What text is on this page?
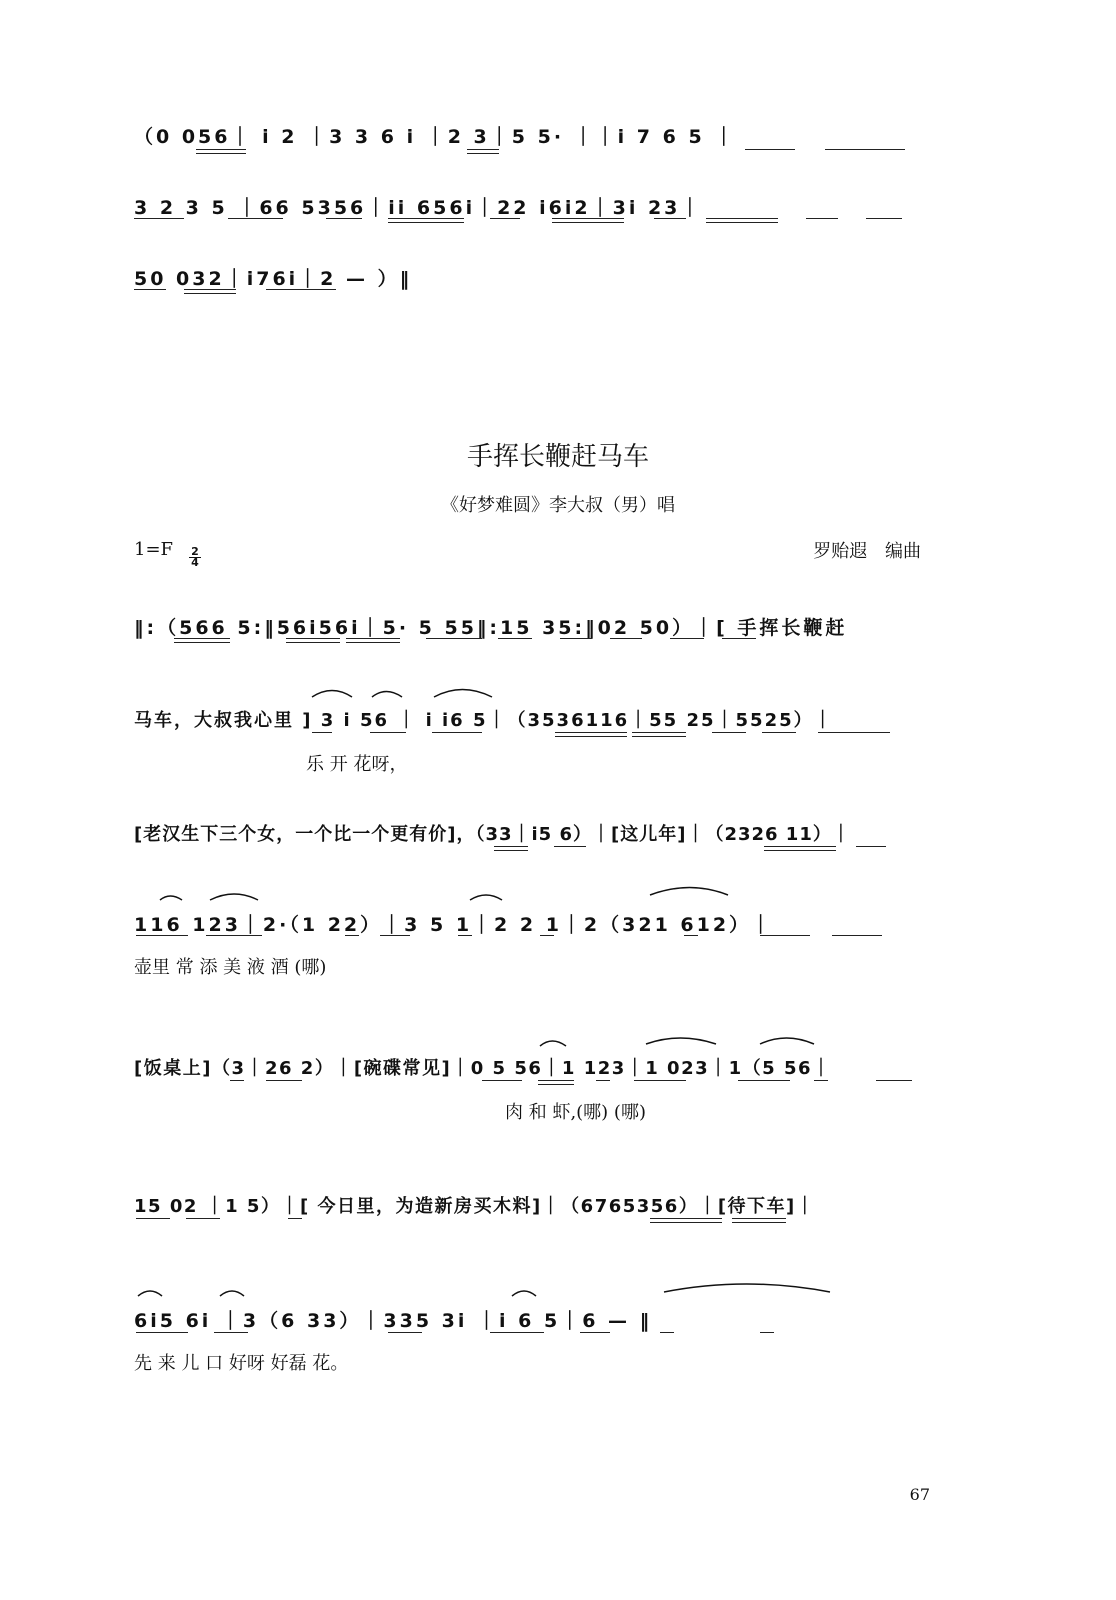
（0 056｜ i 2 ｜3 3 6 i ｜2 3｜5 5· ｜｜i 7 6 5 ｜
3 2 3 5 ｜66 5356｜ii 656i｜22 i6i2｜3i 23｜
50 032｜i76i｜2 — ）‖
手挥长鞭赶马车
《好梦难圆》李大叔（男）唱
1=F 2
4
罗贻遐 编曲
‖:（566 5:‖56i56i｜5· 5 55‖:15 35:‖02 50）｜[ 手挥长鞭赶
马车，大叔我心里 ] 3 i 56 ｜ i i6 5｜（3536116｜55 25｜5525）｜
乐 开 花呀，
[老汉生下三个女，一个比一个更有价]，（33｜i5 6）｜[这儿年]｜（2326 11）｜
116 123｜2·（1 22）｜3 5 1｜2 2 1｜2（321 612）｜
壶里 常 添 美 液 酒 (哪)
[饭桌上]（3｜26 2）｜[碗碟常见]｜0 5 56｜1 123｜1 023｜1（5 56｜
肉 和 虾,(哪) (哪)
15 02 ｜1 5）｜[ 今日里，为造新房买木料]｜（6765356）｜[待下车]｜
6i5 6i ｜3（6 33）｜335 3i ｜i 6 5｜6 — ‖
先 来 儿 口 好呀 好磊 花。
67
